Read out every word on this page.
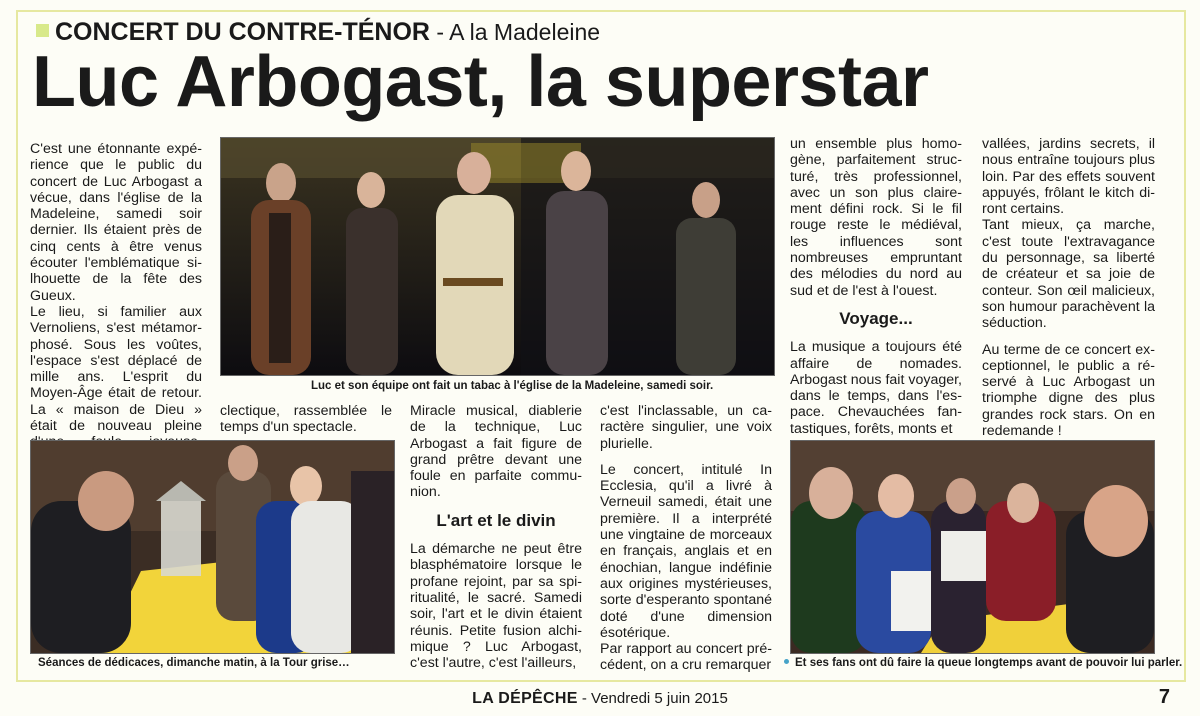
CONCERT DU CONTRE-TÉNOR - A la Madeleine
Luc Arbogast, la superstar

C'est une étonnante expérience que le public du concert de Luc Arbogast a vécue, dans l'église de la Madeleine, samedi soir dernier. Ils étaient près de cinq cents à être venus écouter l'emblématique silhouette de la fête des Gueux.

Le lieu, si familier aux Vernoliens, s'est métamorphosé. Sous les voûtes, l'espace s'est déplacé de mille ans. L'esprit du Moyen-Âge était de retour. La « maison de Dieu » était de nouveau pleine

Luc et son équipe ont fait un tabac à l'église de la Madeleine, samedi soir.

clectique, rassemblée le temps d'un spectacle.

Miracle musical, diablerie de la technique, Luc Arbogast a fait figure de grand prêtre devant une foule en parfaite communion.

L'art et le divin

La démarche ne peut être blasphématoire lorsque le profane rejoint, par sa spiritualité, le sacré. Samedi soir, l'art et le divin étaient réunis. Petite fusion alchimique ? Luc Arbogast, c'est l'autre, c'est l'ailleurs,

c'est l'inclassable, un caractère singulier, une voix plurielle.

Le concert, intitulé In Ecclesia, qu'il a livré à Verneuil samedi, était une première. Il a interprété une vingtaine de morceaux en français, anglais et en énochian, langue indéfinie aux origines mystérieuses, sorte d'esperanto spontané doté d'une dimension ésotérique.

Par rapport au concert précédent, on a cru remarquer

un ensemble plus homogène, parfaitement structuré, très professionnel, avec un son plus clairement défini rock. Si le fil rouge reste le médiéval, les influences sont nombreuses empruntant des mélodies du nord au sud et de l'est à l'ouest.

Voyage...

La musique a toujours été affaire de nomades. Arbogast nous fait voyager, dans le temps, dans l'espace. Chevauchées fantastiques, forêts, monts et

vallées, jardins secrets, il nous entraîne toujours plus loin. Par des effets souvent appuyés, frôlant le kitch diront certains.

Tant mieux, ça marche, c'est toute l'extravagance du personnage, sa liberté de créateur et sa joie de conteur. Son œil malicieux, son humour parachèvent la séduction.

Au terme de ce concert exceptionnel, le public a réservé à Luc Arbogast un triomphe digne des plus grandes rock stars. On en redemande !

Séances de dédicaces, dimanche matin, à la Tour grise…	Et ses fans ont dû faire la queue longtemps avant de pouvoir lui parler.
LA DÉPÊCHE - Vendredi 5 juin 2015	7
